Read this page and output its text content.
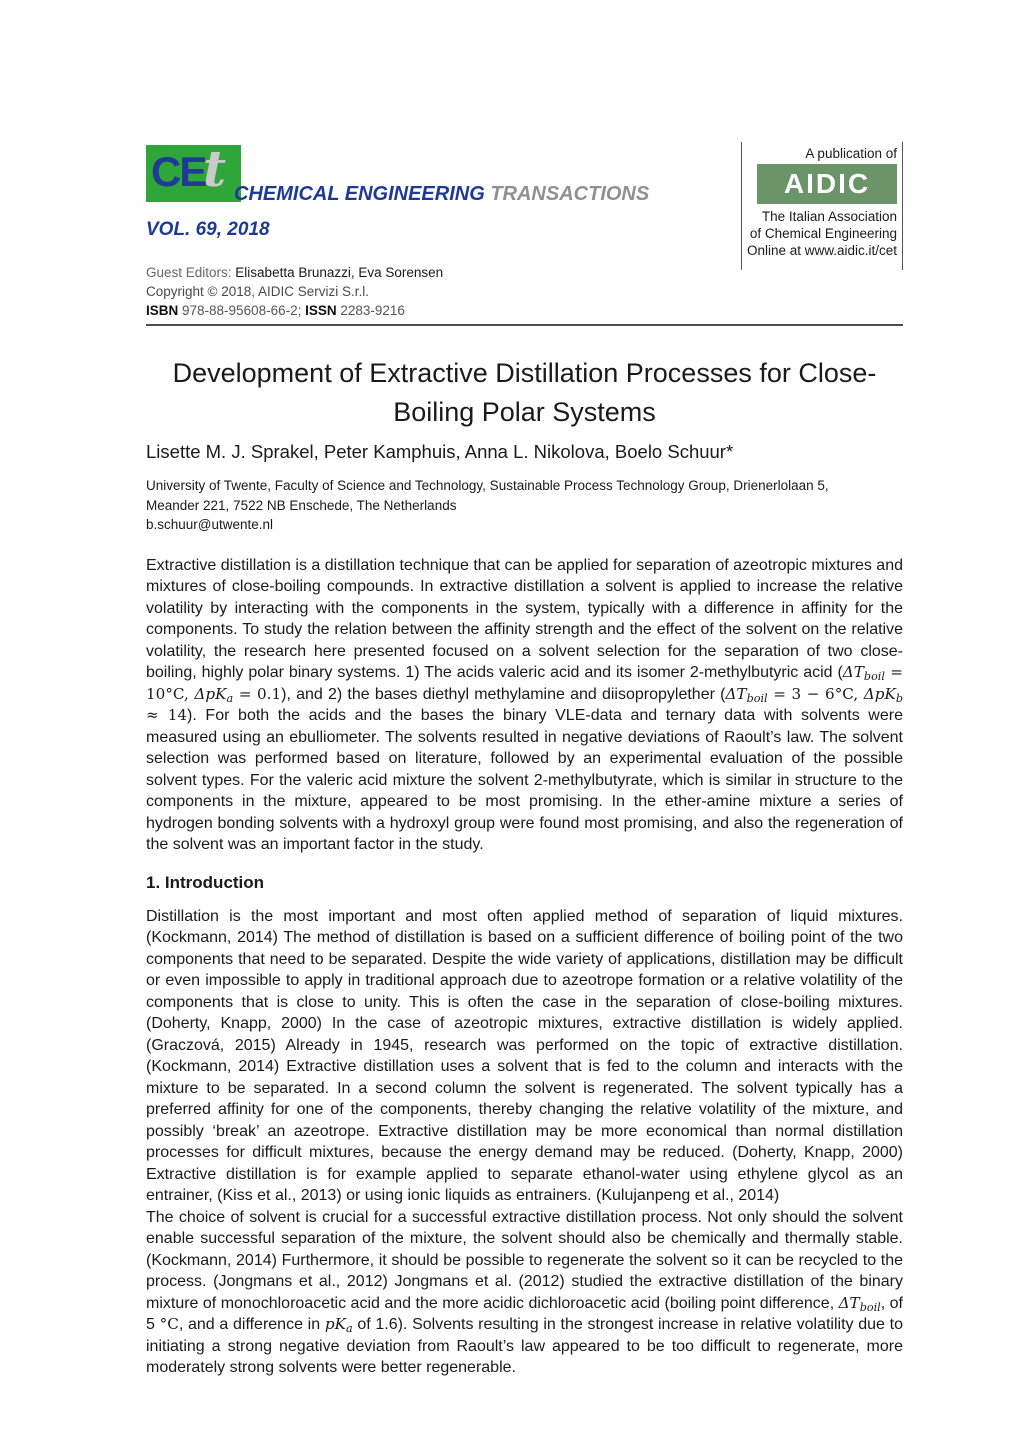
CE
t CHEMICAL ENGINEERING TRANSACTIONS
VOL. 69, 2018
A publication of
AIDIC
The Italian Association
of Chemical Engineering
Online at www.aidic.it/cet
Guest Editors: Elisabetta Brunazzi, Eva Sorensen
Copyright © 2018, AIDIC Servizi S.r.l.
ISBN 978-88-95608-66-2; ISSN 2283-9216
Development of Extractive Distillation Processes for Close-
Boiling Polar Systems
Lisette M. J. Sprakel, Peter Kamphuis, Anna L. Nikolova, Boelo Schuur*
University of Twente, Faculty of Science and Technology, Sustainable Process Technology Group, Drienerlolaan 5,
Meander 221, 7522 NB Enschede, The Netherlands
b.schuur@utwente.nl
Extractive distillation is a distillation technique that can be applied for separation of azeotropic mixtures and mixtures of close-boiling compounds. In extractive distillation a solvent is applied to increase the relative volatility by interacting with the components in the system, typically with a difference in affinity for the components. To study the relation between the affinity strength and the effect of the solvent on the relative volatility, the research here presented focused on a solvent selection for the separation of two close-boiling, highly polar binary systems. 1) The acids valeric acid and its isomer 2-methylbutyric acid ($\Delta T_{boil} = 10^\circ C$, ΔpK$_a$ = 0.1), and 2) the bases diethyl methylamine and diisopropylether ($\Delta T_{boil} = 3 - 6^\circ C$, ΔpK$_b$ ≈ 14). For both the acids and the bases the binary VLE-data and ternary data with solvents were measured using an ebulliometer. The solvents resulted in negative deviations of Raoult’s law. The solvent selection was performed based on literature, followed by an experimental evaluation of the possible solvent types. For the valeric acid mixture the solvent 2-methylbutyrate, which is similar in structure to the components in the mixture, appeared to be most promising. In the ether-amine mixture a series of hydrogen bonding solvents with a hydroxyl group were found most promising, and also the regeneration of the solvent was an important factor in the study.
1. Introduction
Distillation is the most important and most often applied method of separation of liquid mixtures. (Kockmann, 2014) The method of distillation is based on a sufficient difference of boiling point of the two components that need to be separated. Despite the wide variety of applications, distillation may be difficult or even impossible to apply in traditional approach due to azeotrope formation or a relative volatility of the components that is close to unity. This is often the case in the separation of close-boiling mixtures. (Doherty, Knapp, 2000) In the case of azeotropic mixtures, extractive distillation is widely applied. (Graczová, 2015) Already in 1945, research was performed on the topic of extractive distillation. (Kockmann, 2014) Extractive distillation uses a solvent that is fed to the column and interacts with the mixture to be separated. In a second column the solvent is regenerated. The solvent typically has a preferred affinity for one of the components, thereby changing the relative volatility of the mixture, and possibly ‘break’ an azeotrope. Extractive distillation may be more economical than normal distillation processes for difficult mixtures, because the energy demand may be reduced. (Doherty, Knapp, 2000) Extractive distillation is for example applied to separate ethanol-water using ethylene glycol as an entrainer, (Kiss et al., 2013) or using ionic liquids as entrainers. (Kulujanpeng et al., 2014)
The choice of solvent is crucial for a successful extractive distillation process. Not only should the solvent enable successful separation of the mixture, the solvent should also be chemically and thermally stable. (Kockmann, 2014) Furthermore, it should be possible to regenerate the solvent so it can be recycled to the process. (Jongmans et al., 2012) Jongmans et al. (2012) studied the extractive distillation of the binary mixture of monochloroacetic acid and the more acidic dichloroacetic acid (boiling point difference, $\Delta T_{boil}$, of 5 °C, and a difference in $pK_a$ of 1.6). Solvents resulting in the strongest increase in relative volatility due to initiating a strong negative deviation from Raoult’s law appeared to be too difficult to regenerate, more moderately strong solvents were better regenerable.
